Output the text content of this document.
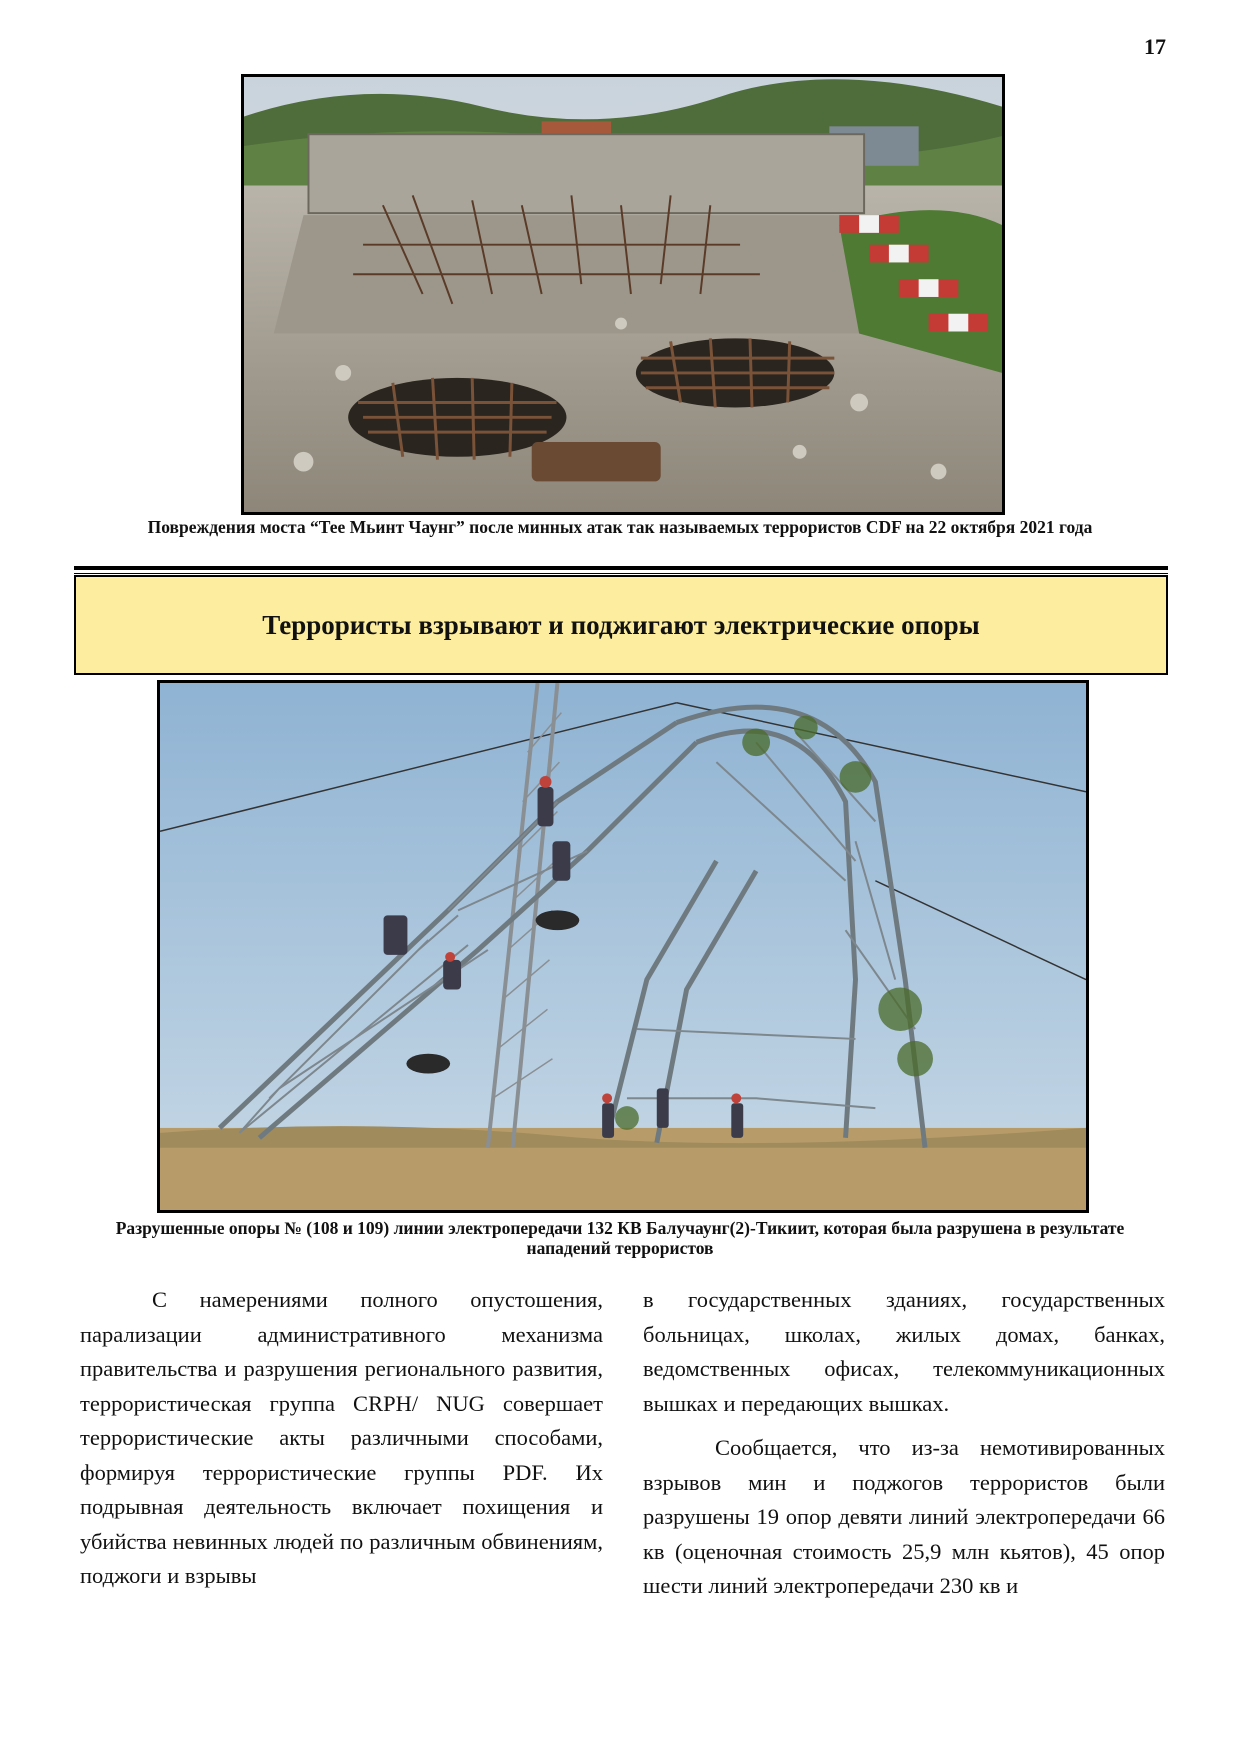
17
Повреждения моста “Тее Мьинт Чаунг” после минных атак так называемых террористов CDF на 22 октября 2021 года
Террористы взрывают и поджигают электрические опоры
Разрушенные опоры № (108 и 109) линии электропередачи 132 КВ Балучаунг(2)-Тикиит, которая была разрушена в результате нападений террористов

С намерениями полного опустошения, парализации административного механизма правительства и разрушения регионального развития, террористическая группа CRPH/ NUG совершает террористические акты различными способами, формируя террористические группы PDF. Их подрывная деятельность включает похищения и убийства невинных людей по различным обвинениям, поджоги и взрывы

в государственных зданиях, государственных больницах, школах, жилых домах, банках, ведомственных офисах, телекоммуникационных вышках и передающих вышках.

Сообщается, что из-за немотивированных взрывов мин и поджогов террористов были разрушены 19 опор девяти линий электропередачи 66 кв (оценочная стоимость 25,9 млн кьятов), 45 опор шести линий электропередачи 230 кв и
